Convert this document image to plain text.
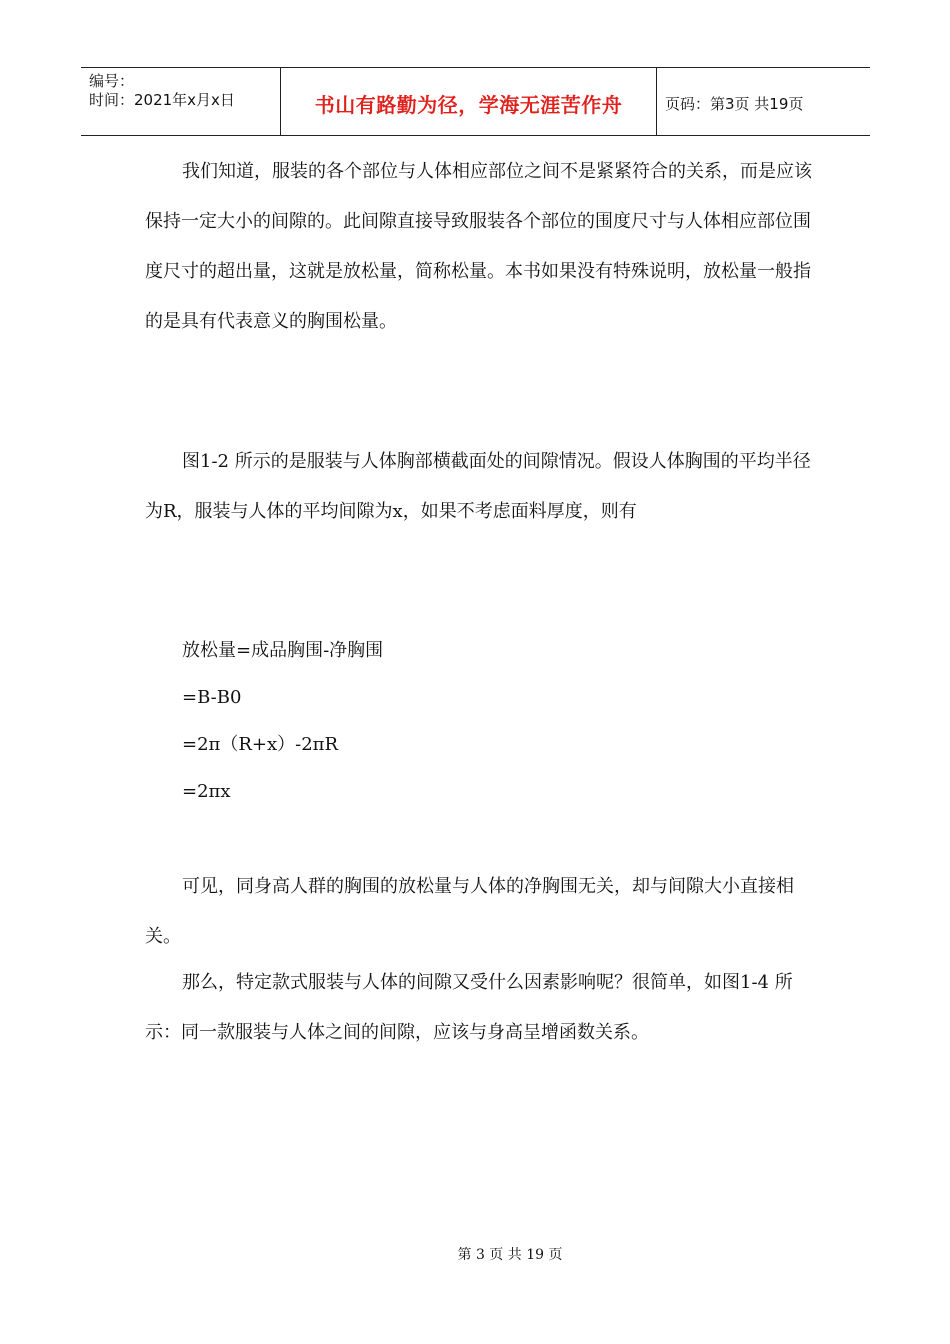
编号：
时间：2021年x月x日	书山有路勤为径，学海无涯苦作舟	页码：第3页 共19页

我们知道，服装的各个部位与人体相应部位之间不是紧紧符合的关系，而是应该保持一定大小的间隙的。此间隙直接导致服装各个部位的围度尺寸与人体相应部位围度尺寸的超出量，这就是放松量，简称松量。本书如果没有特殊说明，放松量一般指的是具有代表意义的胸围松量。

图1-2 所示的是服装与人体胸部横截面处的间隙情况。假设人体胸围的平均半径为R，服装与人体的平均间隙为x，如果不考虑面料厚度，则有

放松量=成品胸围-净胸围

=B-B0

=2π（R+x）-2πR

=2πx

可见，同身高人群的胸围的放松量与人体的净胸围无关，却与间隙大小直接相关。

那么，特定款式服装与人体的间隙又受什么因素影响呢？很简单，如图1-4 所示：同一款服装与人体之间的间隙，应该与身高呈增函数关系。

第 3 页 共 19 页
